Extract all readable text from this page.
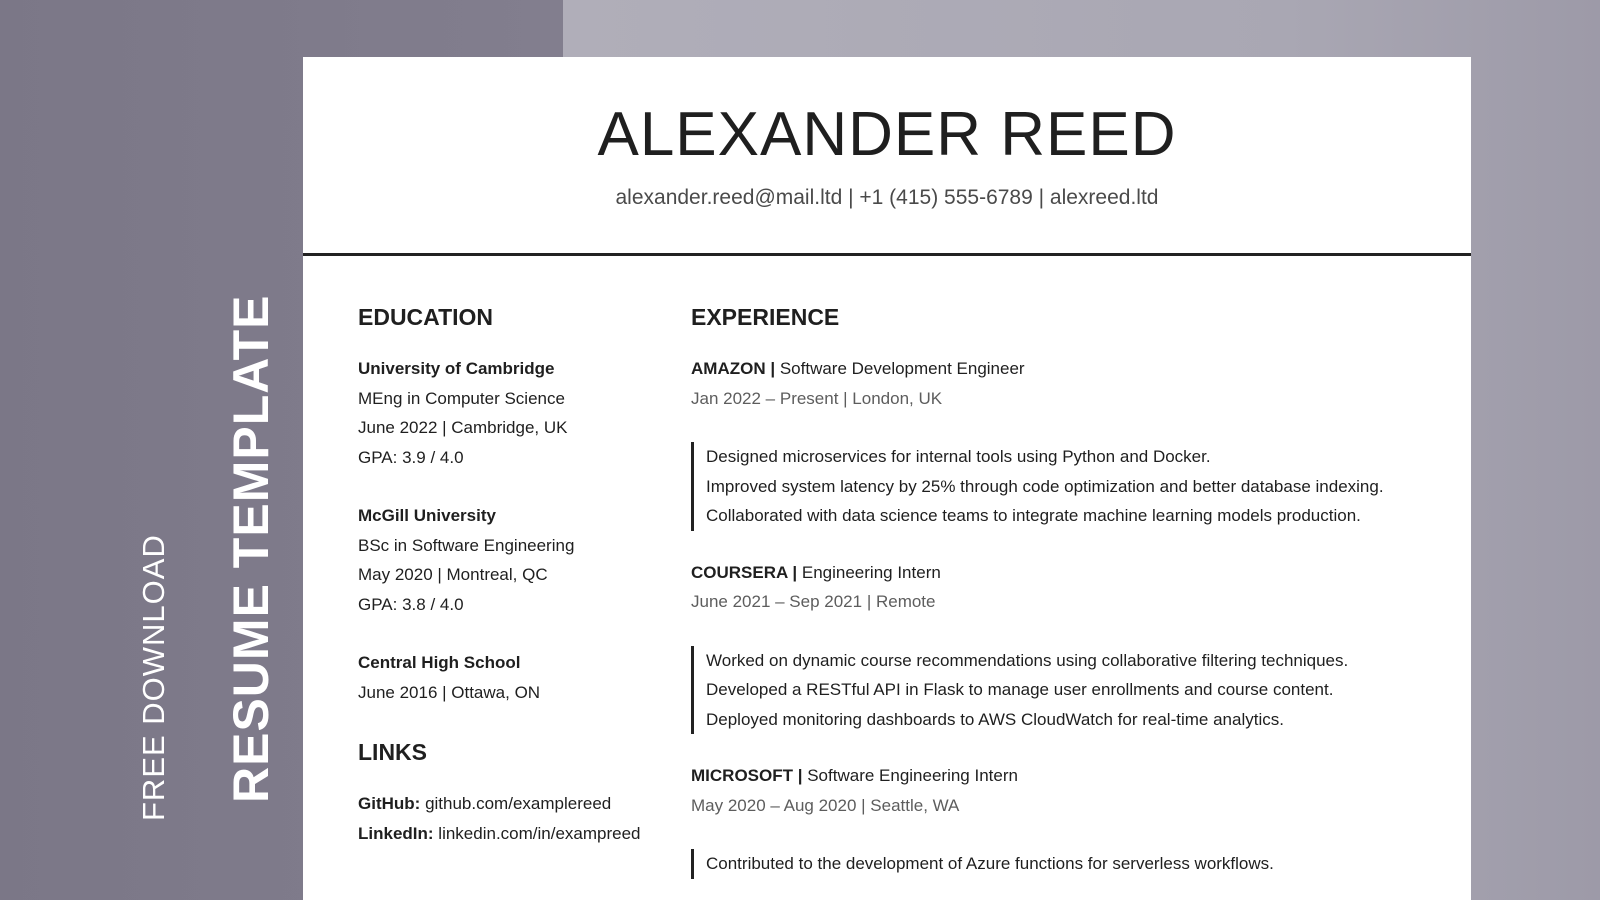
FREE DOWNLOAD RESUME TEMPLATE
ALEXANDER REED
alexander.reed@mail.ltd | +1 (415) 555-6789 | alexreed.ltd
EDUCATION
University of Cambridge
MEng in Computer Science
June 2022 | Cambridge, UK
GPA: 3.9 / 4.0
McGill University
BSc in Software Engineering
May 2020 | Montreal, QC
GPA: 3.8 / 4.0
Central High School
June 2016 | Ottawa, ON
LINKS
GitHub: github.com/examplereed
LinkedIn: linkedin.com/in/exampreed
EXPERIENCE
AMAZON | Software Development Engineer
Jan 2022 – Present | London, UK
Designed microservices for internal tools using Python and Docker.
Improved system latency by 25% through code optimization and better database indexing.
Collaborated with data science teams to integrate machine learning models production.
COURSERA | Engineering Intern
June 2021 – Sep 2021 | Remote
Worked on dynamic course recommendations using collaborative filtering techniques.
Developed a RESTful API in Flask to manage user enrollments and course content.
Deployed monitoring dashboards to AWS CloudWatch for real-time analytics.
MICROSOFT | Software Engineering Intern
May 2020 – Aug 2020 | Seattle, WA
Contributed to the development of Azure functions for serverless workflows.
